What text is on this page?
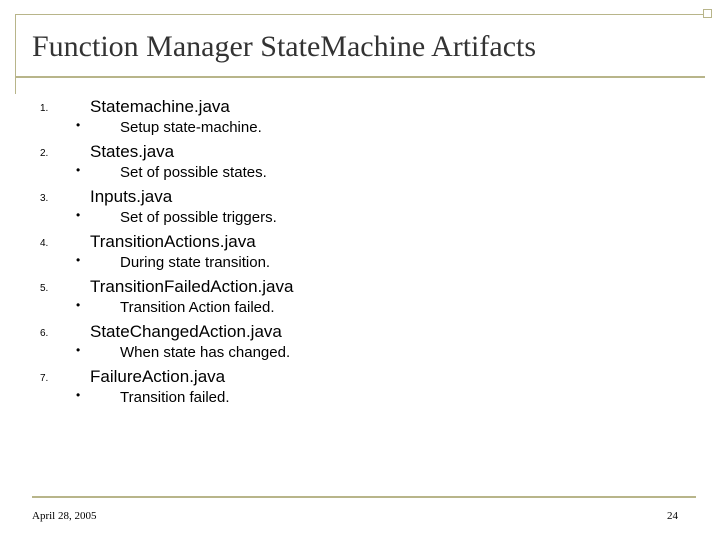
Function Manager StateMachine Artifacts
1. Statemachine.java
•	Setup state-machine.
2. States.java
•	Set of possible states.
3. Inputs.java
•	Set of possible triggers.
4. TransitionActions.java
•	During state transition.
5. TransitionFailedAction.java
•	Transition Action failed.
6. StateChangedAction.java
•	When state has changed.
7. FailureAction.java
•	Transition failed.
April 28, 2005	24
